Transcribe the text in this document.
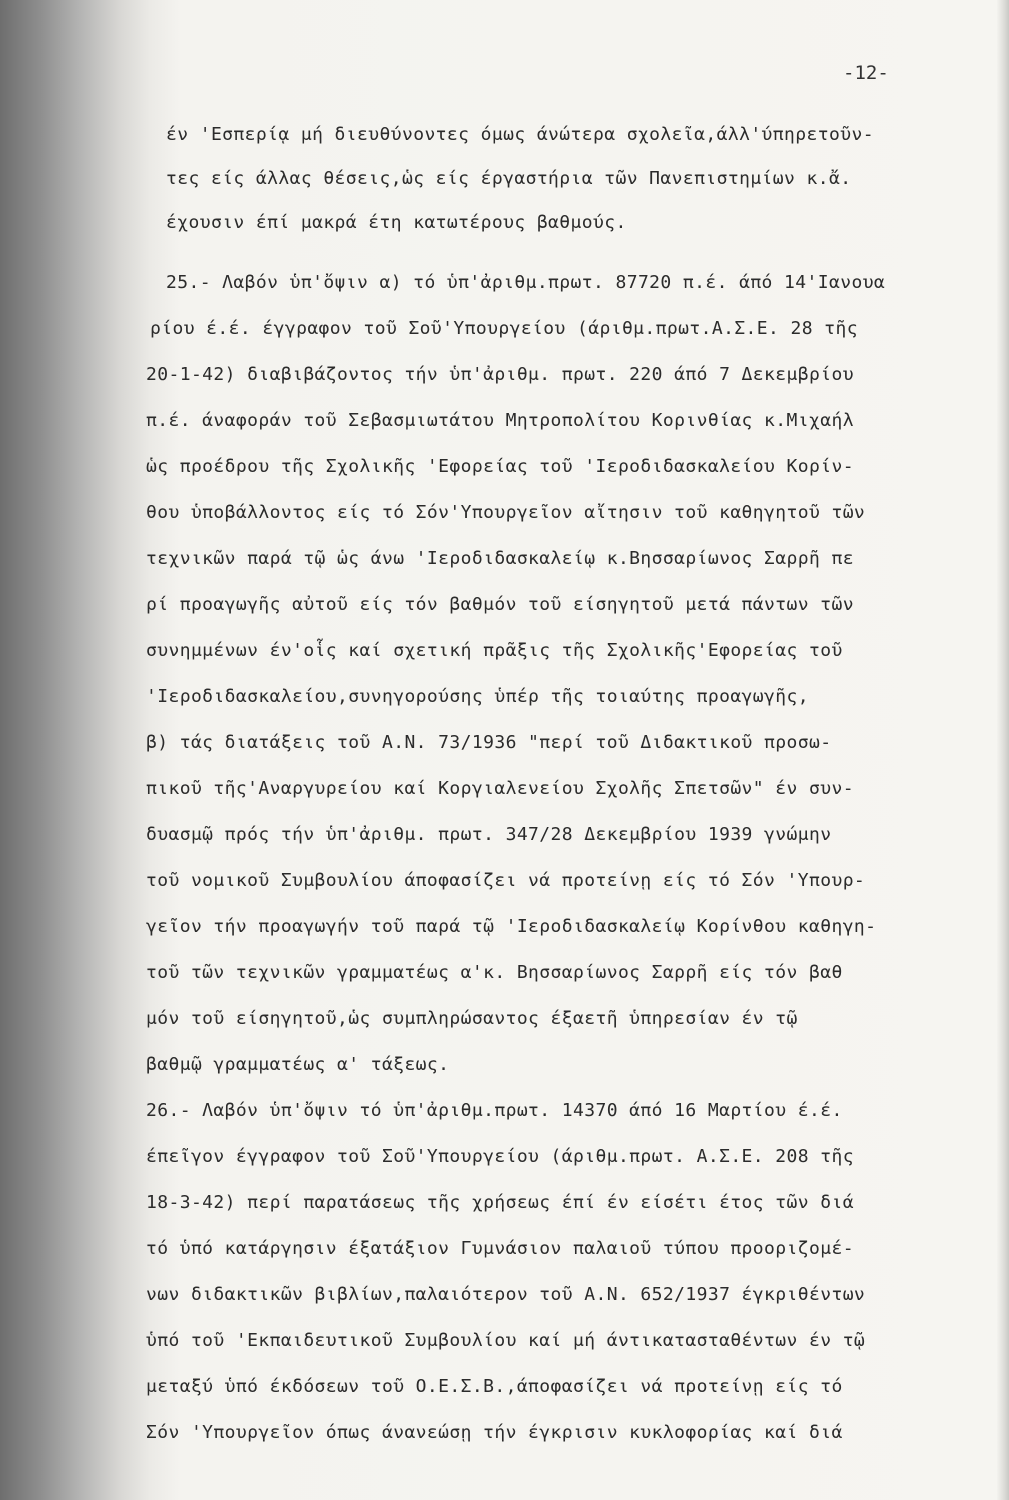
-12-
έν 'Εσπερίᾳ μή διευθύνοντες όμως άνώτερα σχολεῖα,άλλ'ύπηρετοῦν-
τες είς άλλας θέσεις,ὡς είς έργαστήρια τῶν Πανεπιστημίων κ.ἄ.
έχουσιν έπί μακρά έτη κατωτέρους βαθμούς.
25.- Λαβόν ὑπ'ὄψιν α) τό ὑπ'ἀριθμ.πρωτ. 87720 π.έ. άπό 14'Ιανουα
ρίου έ.έ. έγγραφον τοῦ Σοῦ'Υπουργείου (άριθμ.πρωτ.Α.Σ.Ε. 28 τῆς
20-1-42) διαβιβάζοντος τήν ὑπ'ἀριθμ. πρωτ. 220 άπό 7 Δεκεμβρίου
π.έ. άναφοράν τοῦ Σεβασμιωτάτου Μητροπολίτου Κορινθίας κ.Μιχαήλ
ὡς προέδρου τῆς Σχολικῆς 'Εφορείας τοῦ 'Ιεροδιδασκαλείου Κορίν-
θου ὑποβάλλοντος είς τό Σόν'Υπουργεῖον αἴτησιν τοῦ καθηγητοῦ τῶν
τεχνικῶν παρά τῷ ὡς άνω 'Ιεροδιδασκαλείῳ κ.Βησσαρίωνος Σαρρῆ πε
ρί προαγωγῆς αὐτοῦ είς τόν βαθμόν τοῦ είσηγητοῦ μετά πάντων τῶν
συνημμένων έν'οἷς καί σχετική πρᾶξις τῆς Σχολικῆς'Εφορείας τοῦ
'Ιεροδιδασκαλείου,συνηγορούσης ὑπέρ τῆς τοιαύτης προαγωγῆς,
β) τάς διατάξεις τοῦ Α.Ν. 73/1936 "περί τοῦ Διδακτικοῦ προσω-
πικοῦ τῆς'Αναργυρείου καί Κοργιαλενείου Σχολῆς Σπετσῶν" έν συν-
δυασμῷ πρός τήν ὑπ'ἀριθμ. πρωτ. 347/28 Δεκεμβρίου 1939 γνώμην
τοῦ νομικοῦ Συμβουλίου άποφασίζει νά προτείνῃ είς τό Σόν 'Υπουρ-
γεῖον τήν προαγωγήν τοῦ παρά τῷ 'Ιεροδιδασκαλείῳ Κορίνθου καθηγη-
τοῦ τῶν τεχνικῶν γραμματέως α'κ. Βησσαρίωνος Σαρρῆ είς τόν βαθ
μόν τοῦ είσηγητοῦ,ὡς συμπληρώσαντος έξαετῆ ὑπηρεσίαν έν τῷ
βαθμῷ γραμματέως α' τάξεως.
26.- Λαβόν ὑπ'ὄψιν τό ὑπ'ἀριθμ.πρωτ. 14370 άπό 16 Μαρτίου έ.έ.
έπεῖγον έγγραφον τοῦ Σοῦ'Υπουργείου (άριθμ.πρωτ. Α.Σ.Ε. 208 τῆς
18-3-42) περί παρατάσεως τῆς χρήσεως έπί έν είσέτι έτος τῶν διά
τό ὑπό κατάργησιν έξατάξιον Γυμνάσιον παλαιοῦ τύπου προοριζομέ-
νων διδακτικῶν βιβλίων,παλαιότερον τοῦ Α.Ν. 652/1937 έγκριθέντων
ὑπό τοῦ 'Εκπαιδευτικοῦ Συμβουλίου καί μή άντικατασταθέντων έν τῷ
μεταξύ ὑπό έκδόσεων τοῦ Ο.Ε.Σ.Β.,άποφασίζει νά προτείνῃ είς τό
Σόν 'Υπουργεῖον όπως άνανεώσῃ τήν έγκρισιν κυκλοφορίας καί διά
